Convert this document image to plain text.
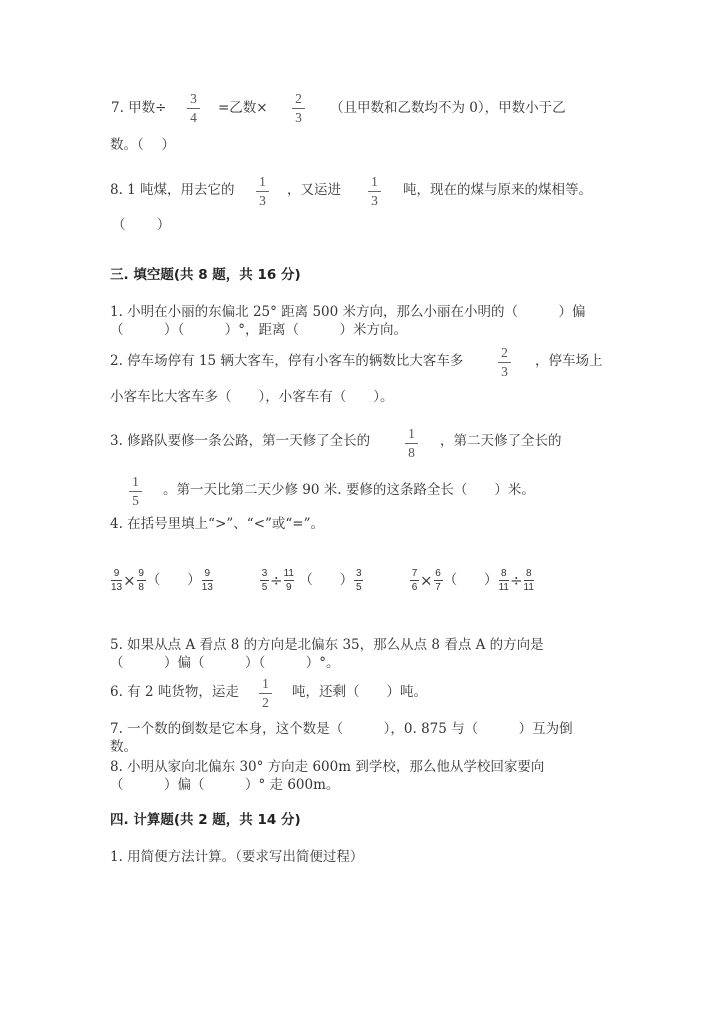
7. 甲数÷
3
4
=乙数×
2
3
（且甲数和乙数均不为 0），甲数小于乙
数。（　 ）
8. 1 吨煤，用去它的
1
3
，又运进
1
3
吨，现在的煤与原来的煤相等。
（　　 ）
三. 填空题(共 8 题，共 16 分)
1. 小明在小丽的东偏北 25° 距离 500 米方向，那么小丽在小明的（　　　）偏
（　　　）（　　　）°，距离（　　　）米方向。
2. 停车场停有 15 辆大客车，停有小客车的辆数比大客车多
2
3
，停车场上
小客车比大客车多（　　），小客车有（　　）。
3. 修路队要修一条公路，第一天修了全长的	1
8
，第二天修了全长的
1
5
。第一天比第二天少修 90 米. 要修的这条路全长（　　）米。
4. 在括号里填上“>”、“<”或“=”。
$\frac{9}{13} \times \frac{9}{8}$ （　　） $\frac{9}{13}$	$\frac{3}{5} \div \frac{11}{9}$ （　　） $\frac{3}{5}$	$\frac{7}{6} \times \frac{6}{7}$ （　　） $\frac{8}{11} \div \frac{8}{11}$
5. 如果从点 A 看点 8 的方向是北偏东 35，那么从点 8 看点 A 的方向是
（　　　）偏（　　　）（　　　）°。
6. 有 2 吨货物，运走
1
2
吨，还剩（　　）吨。
7. 一个数的倒数是它本身，这个数是（　　　），0. 875 与（　　　）互为倒
数。
8. 小明从家向北偏东 30° 方向走 600m 到学校，那么他从学校回家要向
（　　　）偏（　　　）° 走 600m。
四. 计算题(共 2 题，共 14 分)
1. 用简便方法计算。（要求写出简便过程）
